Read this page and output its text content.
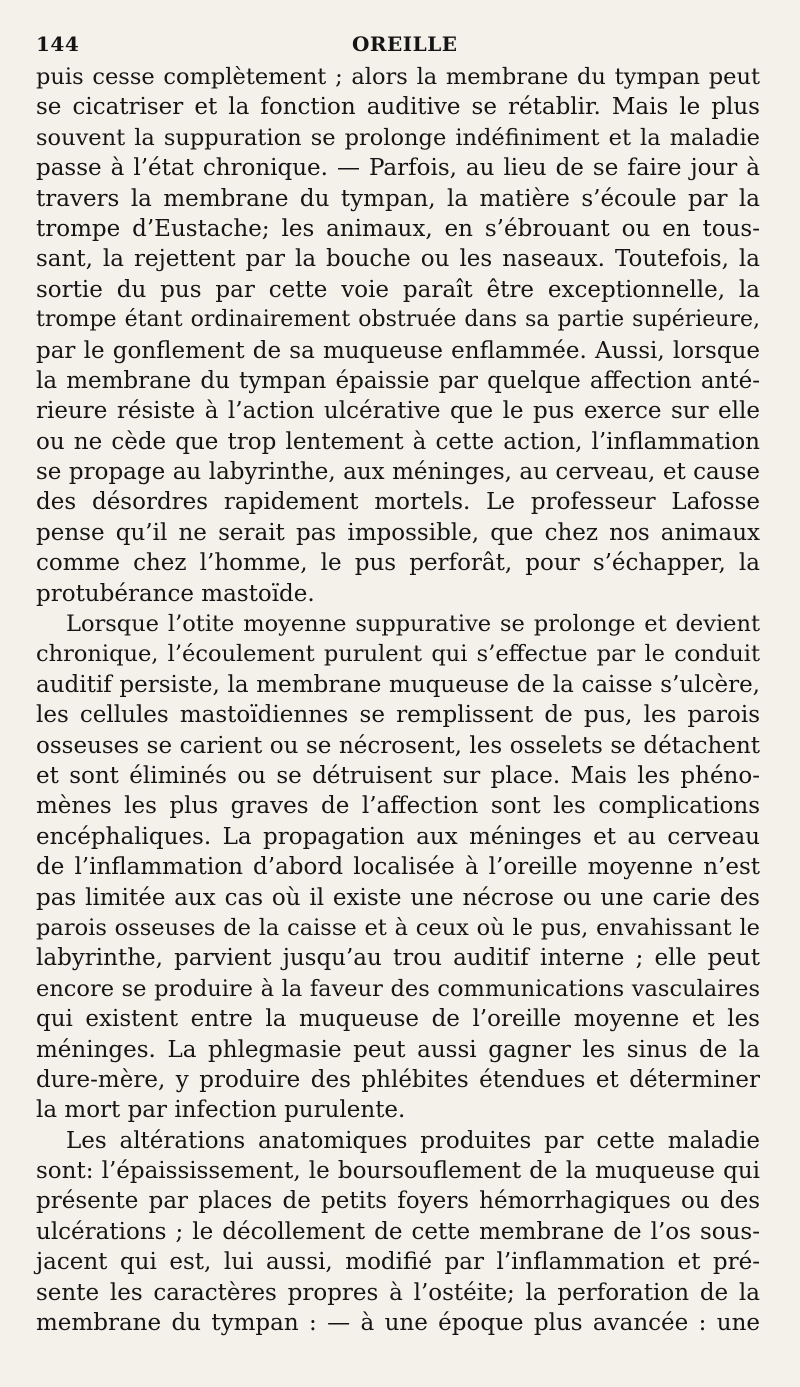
144	OREILLE
puis cesse complètement ; alors la membrane du tympan peut
se cicatriser et la fonction auditive se rétablir. Mais le plus
souvent la suppuration se prolonge indéfiniment et la maladie
passe à l’état chronique. — Parfois, au lieu de se faire jour à
travers la membrane du tympan, la matière s’écoule par la
trompe d’Eustache; les animaux, en s’ébrouant ou en tous-
sant, la rejettent par la bouche ou les naseaux. Toutefois, la
sortie du pus par cette voie paraît être exceptionnelle, la
trompe étant ordinairement obstruée dans sa partie supérieure,
par le gonflement de sa muqueuse enflammée. Aussi, lorsque
la membrane du tympan épaissie par quelque affection anté-
rieure résiste à l’action ulcérative que le pus exerce sur elle
ou ne cède que trop lentement à cette action, l’inflammation
se propage au labyrinthe, aux méninges, au cerveau, et cause
des désordres rapidement mortels. Le professeur Lafosse
pense qu’il ne serait pas impossible, que chez nos animaux
comme chez l’homme, le pus perforât, pour s’échapper, la
protubérance mastoïde.
Lorsque l’otite moyenne suppurative se prolonge et devient
chronique, l’écoulement purulent qui s’effectue par le conduit
auditif persiste, la membrane muqueuse de la caisse s’ulcère,
les cellules mastoïdiennes se remplissent de pus, les parois
osseuses se carient ou se nécrosent, les osselets se détachent
et sont éliminés ou se détruisent sur place. Mais les phéno-
mènes les plus graves de l’affection sont les complications
encéphaliques. La propagation aux méninges et au cerveau
de l’inflammation d’abord localisée à l’oreille moyenne n’est
pas limitée aux cas où il existe une nécrose ou une carie des
parois osseuses de la caisse et à ceux où le pus, envahissant le
labyrinthe, parvient jusqu’au trou auditif interne ; elle peut
encore se produire à la faveur des communications vasculaires
qui existent entre la muqueuse de l’oreille moyenne et les
méninges. La phlegmasie peut aussi gagner les sinus de la
dure-mère, y produire des phlébites étendues et déterminer
la mort par infection purulente.
Les altérations anatomiques produites par cette maladie
sont: l’épaississement, le boursouflement de la muqueuse qui
présente par places de petits foyers hémorrhagiques ou des
ulcérations ; le décollement de cette membrane de l’os sous-
jacent qui est, lui aussi, modifié par l’inflammation et pré-
sente les caractères propres à l’ostéite; la perforation de la
membrane du tympan : — à une époque plus avancée : une
